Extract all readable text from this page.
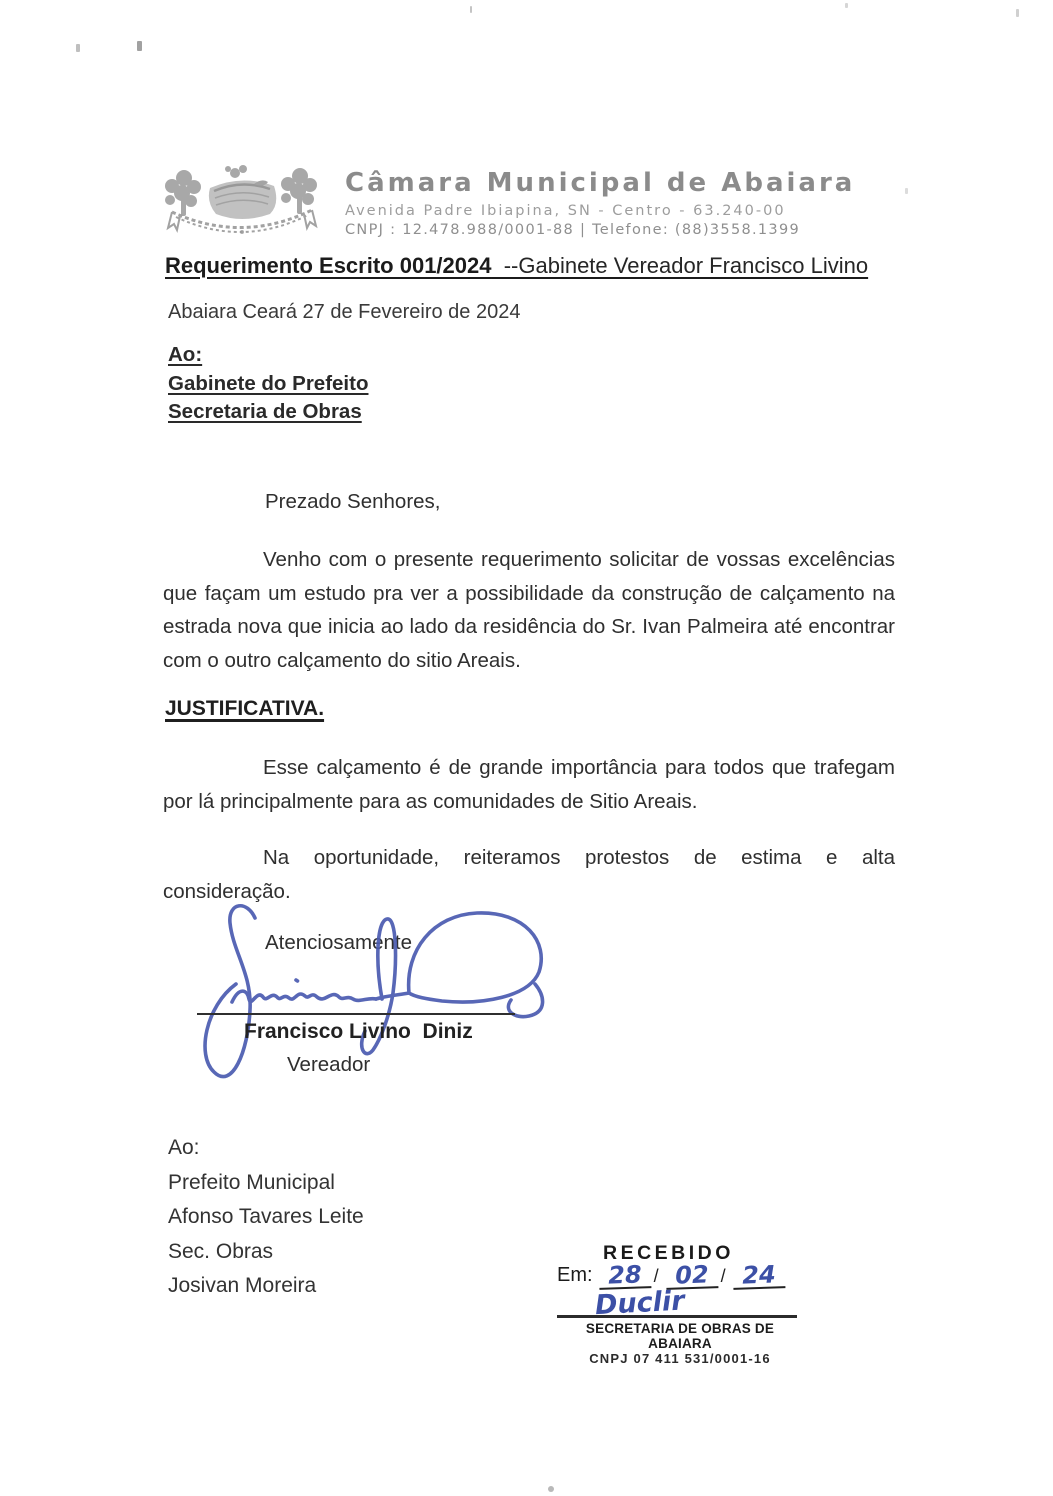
Câmara Municipal de Abaiara
Avenida Padre Ibiapina, SN - Centro - 63.240-00
CNPJ : 12.478.988/0001-88 | Telefone: (88)3558.1399
Requerimento Escrito 001/2024  --Gabinete Vereador Francisco Livino
Abaiara Ceará 27 de Fevereiro de 2024
Ao:
Gabinete do Prefeito
Secretaria de Obras
Prezado Senhores,
Venho com o presente requerimento solicitar de vossas excelências que façam um estudo pra ver a possibilidade da construção de calçamento na estrada nova que inicia ao lado da residência do Sr. Ivan Palmeira até encontrar com o outro calçamento do sitio Areais.
JUSTIFICATIVA.
Esse calçamento é de grande importância para todos que trafegam por lá principalmente para as comunidades de Sitio Areais.
Na oportunidade, reiteramos protestos de estima e alta consideração.
Atenciosamente
Francisco Livino  Diniz
Vereador
Ao:
Prefeito Municipal
Afonso Tavares Leite
Sec. Obras
Josivan Moreira
RECEBIDO
Em: 28 / 02 / 24
Duclir
SECRETARIA DE OBRAS DE ABAIARA
CNPJ 07 411 531/0001-16
